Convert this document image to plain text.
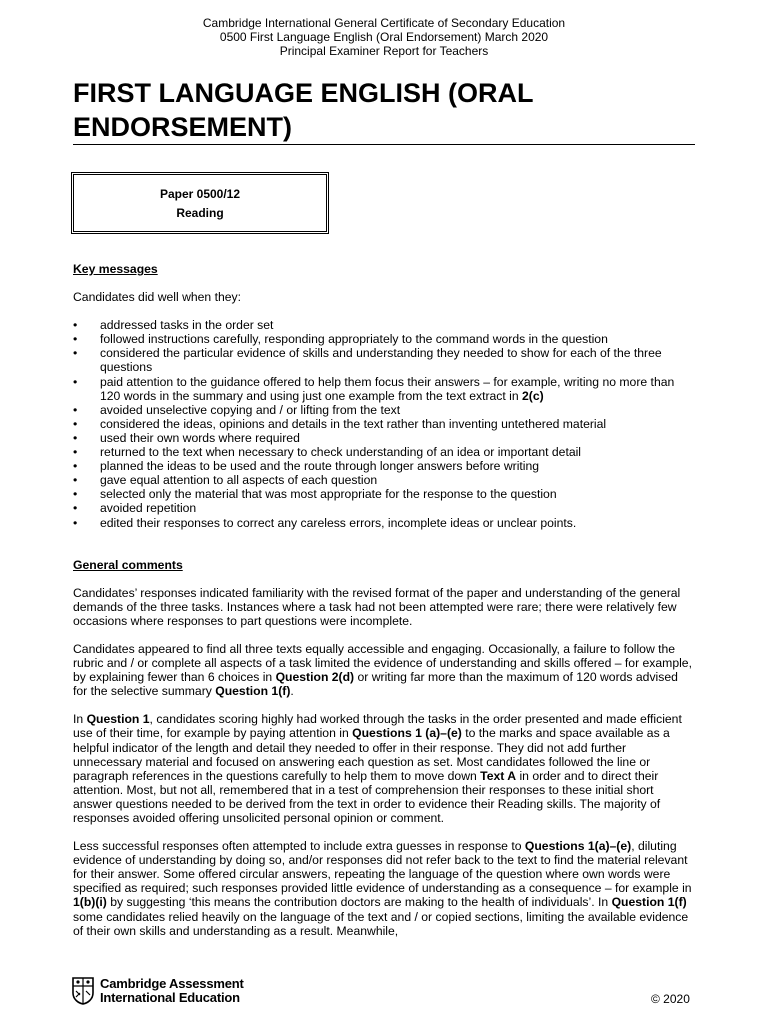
Cambridge International General Certificate of Secondary Education
0500 First Language English (Oral Endorsement) March 2020
Principal Examiner Report for Teachers
FIRST LANGUAGE ENGLISH (ORAL
ENDORSEMENT)
Paper 0500/12
Reading

Key messages

Candidates did well when they:

• addressed tasks in the order set
• followed instructions carefully, responding appropriately to the command words in the question
• considered the particular evidence of skills and understanding they needed to show for each of the three questions
• paid attention to the guidance offered to help them focus their answers – for example, writing no more than 120 words in the summary and using just one example from the text extract in 2(c)
• avoided unselective copying and / or lifting from the text
• considered the ideas, opinions and details in the text rather than inventing untethered material
• used their own words where required
• returned to the text when necessary to check understanding of an idea or important detail
• planned the ideas to be used and the route through longer answers before writing
• gave equal attention to all aspects of each question
• selected only the material that was most appropriate for the response to the question
• avoided repetition
• edited their responses to correct any careless errors, incomplete ideas or unclear points.

General comments

Candidates’ responses indicated familiarity with the revised format of the paper and understanding of the general demands of the three tasks. Instances where a task had not been attempted were rare; there were relatively few occasions where responses to part questions were incomplete.

Candidates appeared to find all three texts equally accessible and engaging. Occasionally, a failure to follow the rubric and / or complete all aspects of a task limited the evidence of understanding and skills offered – for example, by explaining fewer than 6 choices in Question 2(d) or writing far more than the maximum of 120 words advised for the selective summary Question 1(f).

In Question 1, candidates scoring highly had worked through the tasks in the order presented and made efficient use of their time, for example by paying attention in Questions 1 (a)–(e) to the marks and space available as a helpful indicator of the length and detail they needed to offer in their response. They did not add further unnecessary material and focused on answering each question as set. Most candidates followed the line or paragraph references in the questions carefully to help them to move down Text A in order and to direct their attention. Most, but not all, remembered that in a test of comprehension their responses to these initial short answer questions needed to be derived from the text in order to evidence their Reading skills. The majority of responses avoided offering unsolicited personal opinion or comment.

Less successful responses often attempted to include extra guesses in response to Questions 1(a)–(e), diluting evidence of understanding by doing so, and/or responses did not refer back to the text to find the material relevant for their answer. Some offered circular answers, repeating the language of the question where own words were specified as required; such responses provided little evidence of understanding as a consequence – for example in 1(b)(i) by suggesting ‘this means the contribution doctors are making to the health of individuals’. In Question 1(f) some candidates relied heavily on the language of the text and / or copied sections, limiting the available evidence of their own skills and understanding as a result. Meanwhile,

Cambridge Assessment
International Education	© 2020
